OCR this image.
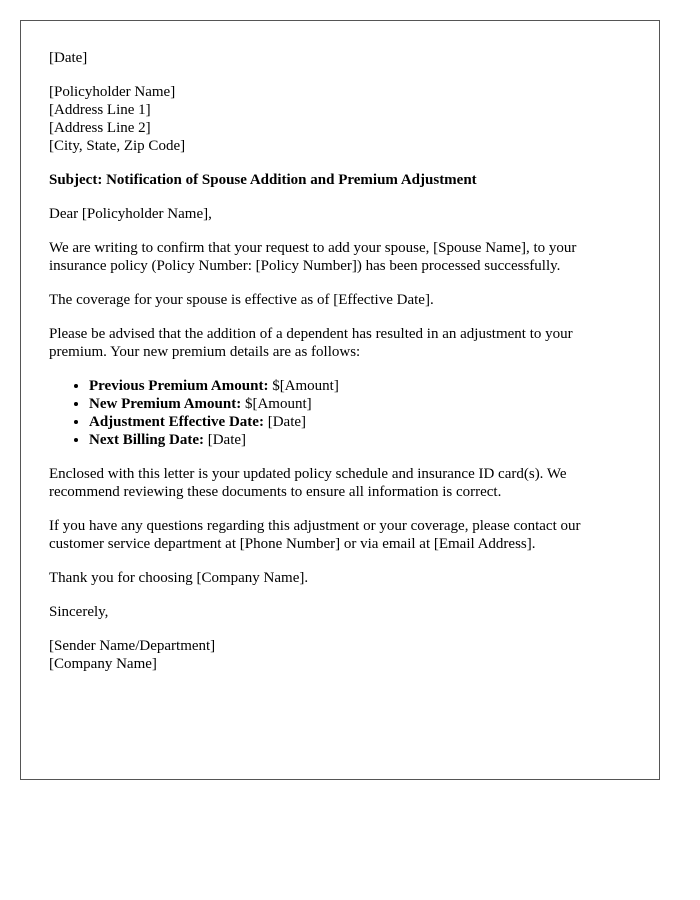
[Date]

[Policyholder Name]

[Address Line 1]

[Address Line 2]

[City, State, Zip Code]

Subject: Notification of Spouse Addition and Premium Adjustment

Dear [Policyholder Name],

We are writing to confirm that your request to add your spouse, [Spouse Name], to your insurance policy (Policy Number: [Policy Number]) has been processed successfully.

The coverage for your spouse is effective as of [Effective Date].

Please be advised that the addition of a dependent has resulted in an adjustment to your premium. Your new premium details are as follows:

• Previous Premium Amount: $[Amount]
• New Premium Amount: $[Amount]
• Adjustment Effective Date: [Date]
• Next Billing Date: [Date]

Enclosed with this letter is your updated policy schedule and insurance ID card(s). We recommend reviewing these documents to ensure all information is correct.

If you have any questions regarding this adjustment or your coverage, please contact our customer service department at [Phone Number] or via email at [Email Address].

Thank you for choosing [Company Name].

Sincerely,

[Sender Name/Department]

[Company Name]
